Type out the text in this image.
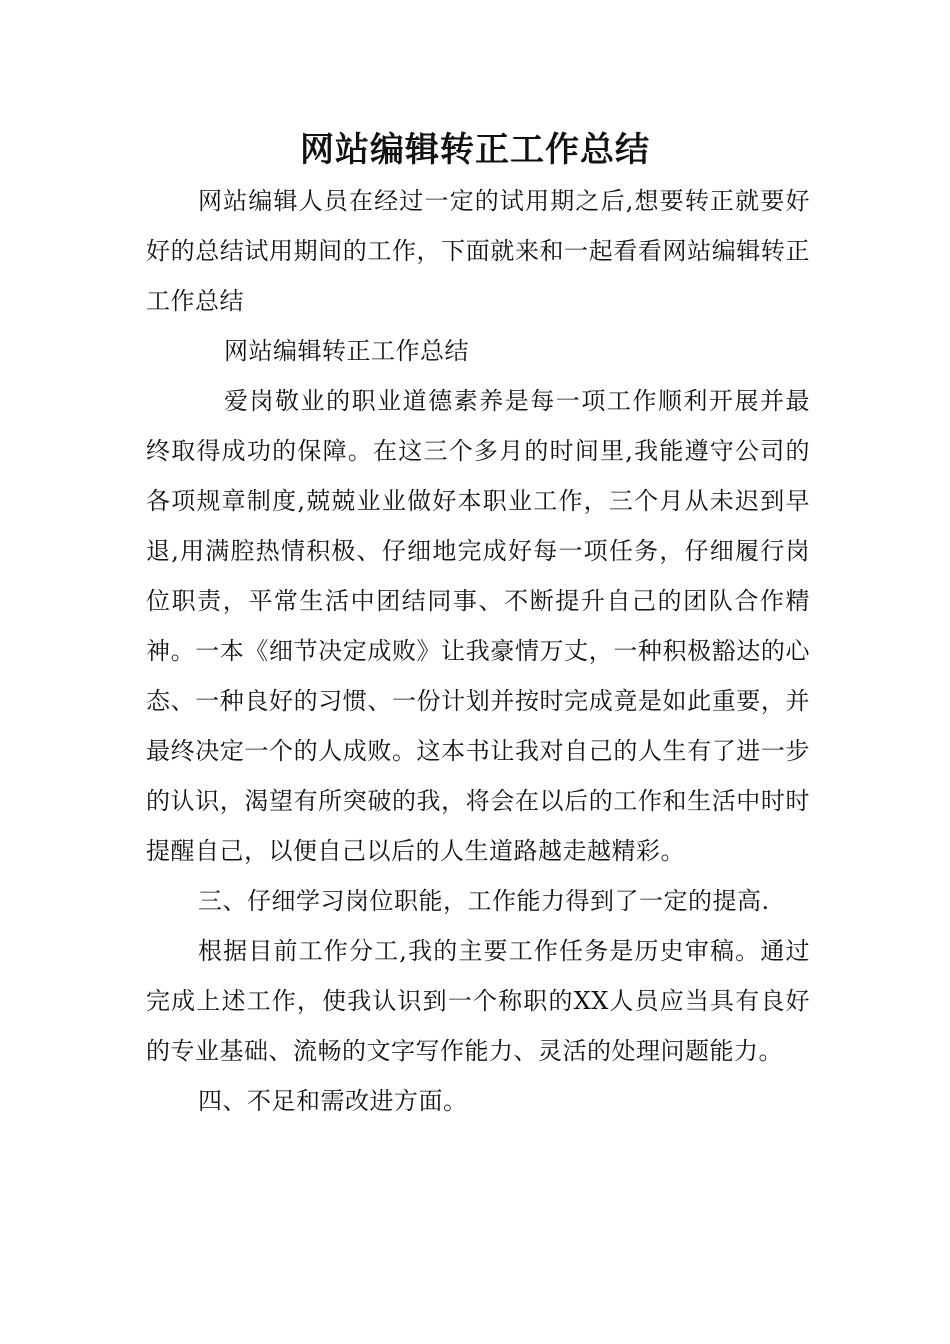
网站编辑转正工作总结

网站编辑人员在经过一定的试用期之后,想要转正就要好好的总结试用期间的工作，下面就来和一起看看网站编辑转正工作总结

网站编辑转正工作总结

爱岗敬业的职业道德素养是每一项工作顺利开展并最终取得成功的保障。在这三个多月的时间里,我能遵守公司的各项规章制度,兢兢业业做好本职业工作，三个月从未迟到早退,用满腔热情积极、仔细地完成好每一项任务，仔细履行岗位职责，平常生活中团结同事、不断提升自己的团队合作精神。一本《细节决定成败》让我豪情万丈，一种积极豁达的心态、一种良好的习惯、一份计划并按时完成竟是如此重要，并最终决定一个的人成败。这本书让我对自己的人生有了进一步的认识，渴望有所突破的我，将会在以后的工作和生活中时时提醒自己，以便自己以后的人生道路越走越精彩。

三、仔细学习岗位职能，工作能力得到了一定的提高.

根据目前工作分工,我的主要工作任务是历史审稿。通过完成上述工作，使我认识到一个称职的XX人员应当具有良好的专业基础、流畅的文字写作能力、灵活的处理问题能力。

四、不足和需改进方面。
